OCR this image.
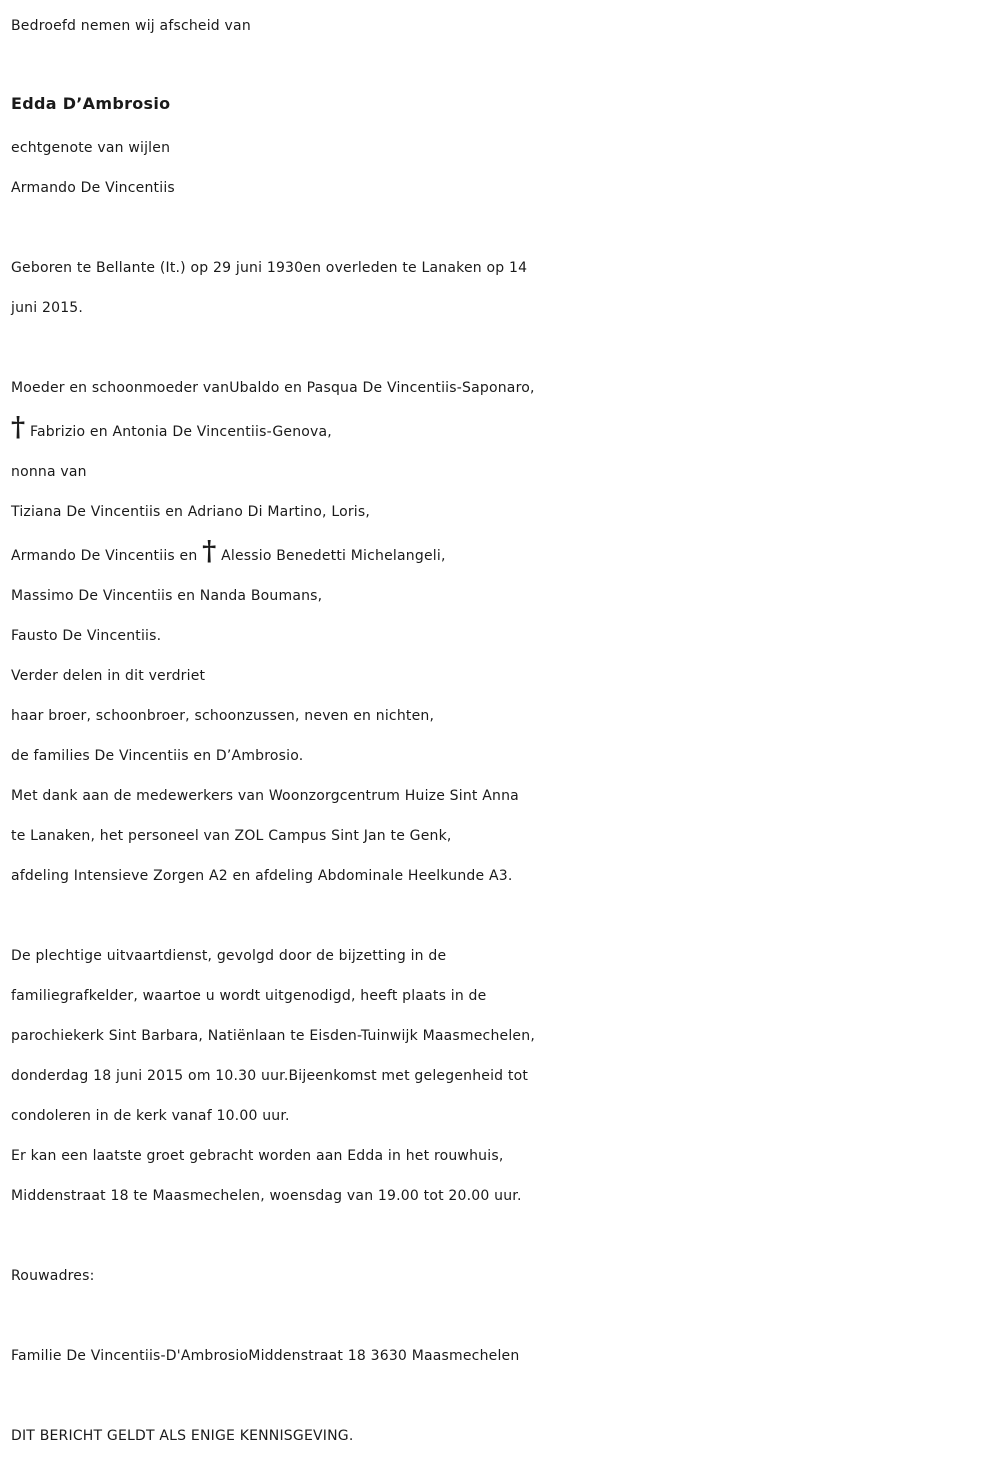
Bedroefd nemen wij afscheid van
Edda D’Ambrosio
echtgenote van wijlen
Armando De Vincentiis
Geboren te Bellante (It.) op 29 juni 1930en overleden te Lanaken op 14
juni 2015.
Moeder en schoonmoeder vanUbaldo en Pasqua De Vincentiis-Saponaro,
† Fabrizio en Antonia De Vincentiis-Genova,
nonna van
Tiziana De Vincentiis en Adriano Di Martino, Loris,
Armando De Vincentiis en † Alessio Benedetti Michelangeli,
Massimo De Vincentiis en Nanda Boumans,
Fausto De Vincentiis.
Verder delen in dit verdriet
haar broer, schoonbroer, schoonzussen, neven en nichten,
de families De Vincentiis en D’Ambrosio.
Met dank aan de medewerkers van Woonzorgcentrum Huize Sint Anna
te Lanaken, het personeel van ZOL Campus Sint Jan te Genk,
afdeling Intensieve Zorgen A2 en afdeling Abdominale Heelkunde A3.
De plechtige uitvaartdienst, gevolgd door de bijzetting in de
familiegrafkelder, waartoe u wordt uitgenodigd, heeft plaats in de
parochiekerk Sint Barbara, Natiënlaan te Eisden-Tuinwijk Maasmechelen,
donderdag 18 juni 2015 om 10.30 uur.Bijeenkomst met gelegenheid tot
condoleren in de kerk vanaf 10.00 uur.
Er kan een laatste groet gebracht worden aan Edda in het rouwhuis,
Middenstraat 18 te Maasmechelen, woensdag van 19.00 tot 20.00 uur.
Rouwadres:
Familie De Vincentiis-D'AmbrosioMiddenstraat 18 3630 Maasmechelen
DIT BERICHT GELDT ALS ENIGE KENNISGEVING.
